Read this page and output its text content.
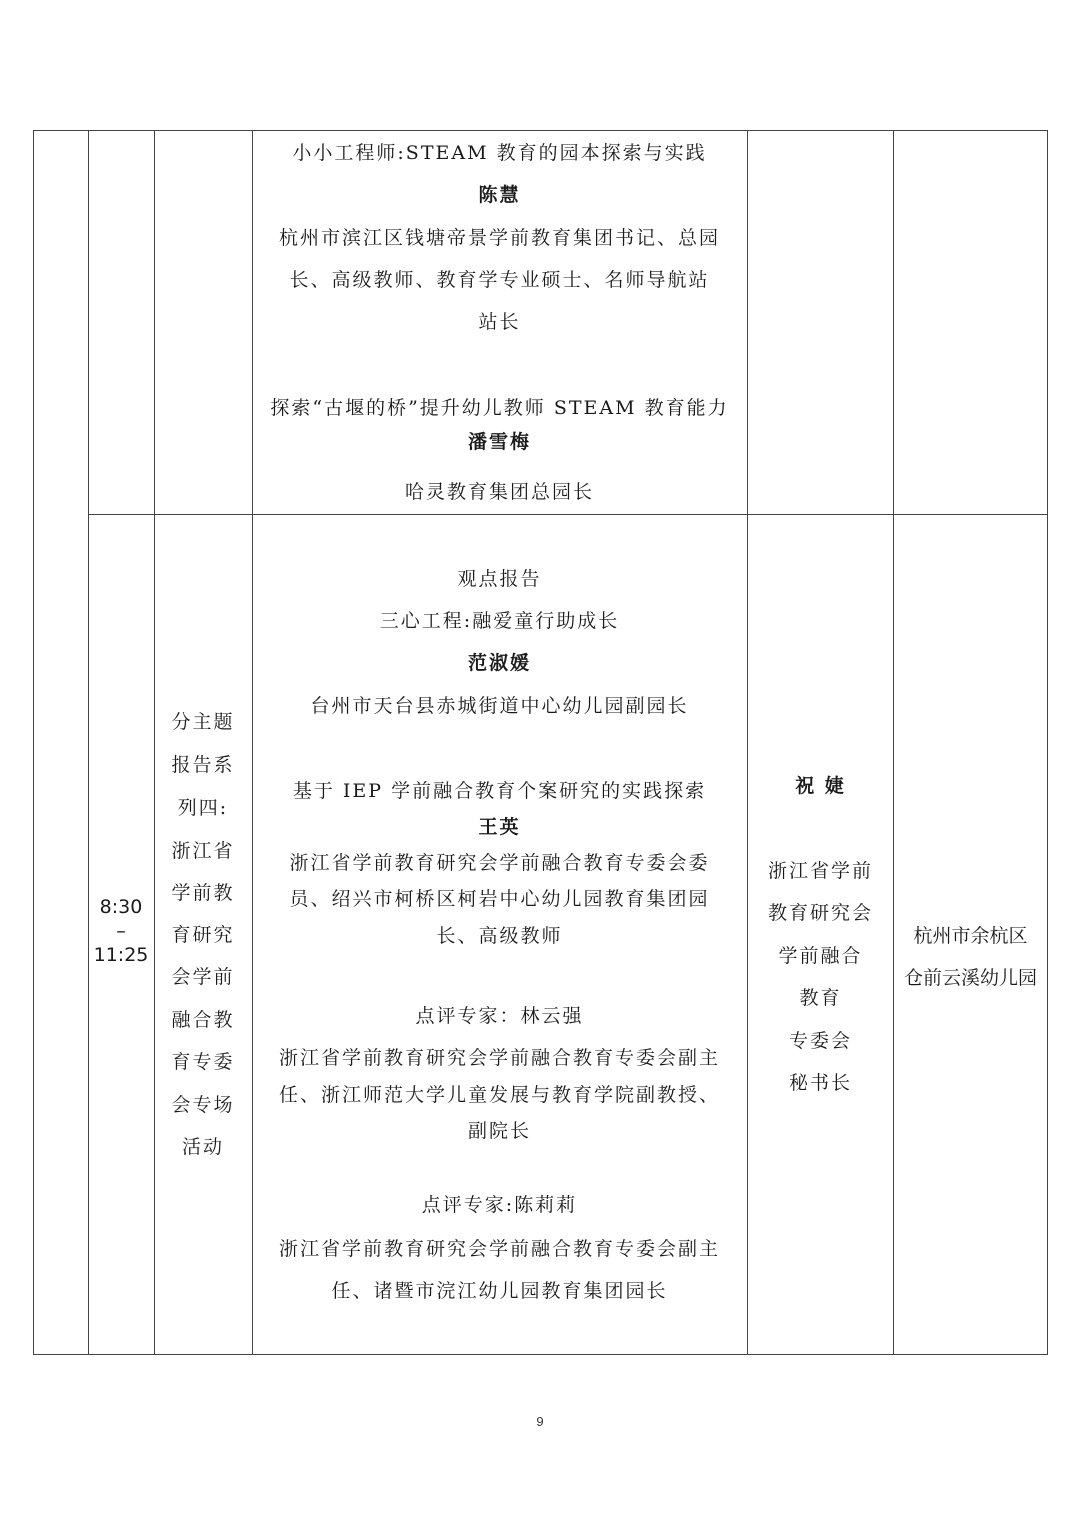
小小工程师:STEAM 教育的园本探索与实践
陈慧
杭州市滨江区钱塘帝景学前教育集团书记、总园
长、高级教师、教育学专业硕士、名师导航站
站长
探索“古堰的桥”提升幼儿教师 STEAM 教育能力
潘雪梅
哈灵教育集团总园长
8:30
–
11:25
分主题
报告系
列四:
浙江省
学前教
育研究
会学前
融合教
育专委
会专场
活动
观点报告
三心工程:融爱童行助成长
范淑媛
台州市天台县赤城街道中心幼儿园副园长
基于 IEP 学前融合教育个案研究的实践探索
王英
浙江省学前教育研究会学前融合教育专委会委
员、绍兴市柯桥区柯岩中心幼儿园教育集团园
长、高级教师
点评专家：林云强
浙江省学前教育研究会学前融合教育专委会副主
任、浙江师范大学儿童发展与教育学院副教授、
副院长
点评专家:陈莉莉
浙江省学前教育研究会学前融合教育专委会副主
任、诸暨市浣江幼儿园教育集团园长
祝 婕
浙江省学前
教育研究会
学前融合
教育
专委会
秘书长
杭州市余杭区
仓前云溪幼儿园
9
